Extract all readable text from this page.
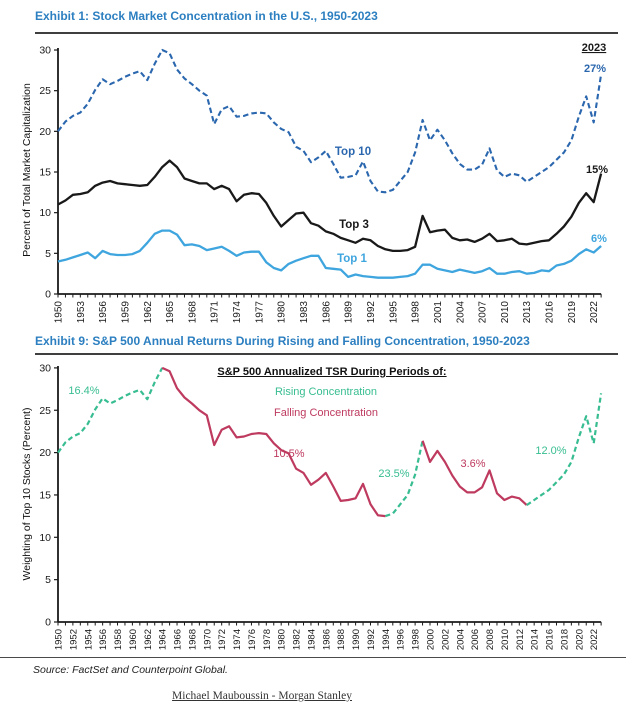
Exhibit 1: Stock Market Concentration in the U.S., 1950-2023
0
5
10
15
20
25
30
1950 1953 1956 1959 1962 1965 1968 1971 1974 1977 1980 1983 1986 1989 1992 1995 1998 2001 2004 2007 2010 2013 2016 2019 2022
2023
27%
Top 10
15%
Top 3
6%
Top 1
0
5
10
15
20
25
30
1950 1952 1954 1956 1958 1960 1962 1964 1966 1968 1970 1972 1974 1976 1978 1980 1982 1984 1986 1988 1990 1992 1994 1996 1998 2000 2002 2004 2006 2008 2010 2012 2014 2016 2018 2020 2022
16.4%
10.5%
23.5%
3.6%
12.0%
Percent of Total Market Capitalization
Exhibit 9: S&P 500 Annual Returns During Rising and Falling Concentration, 1950-2023
Weighting of Top 10 Stocks (Percent)
S&P 500 Annualized TSR During Periods of:
Rising Concentration
Falling Concentration
Source: FactSet and Counterpoint Global.
Michael Mauboussin - Morgan Stanley
